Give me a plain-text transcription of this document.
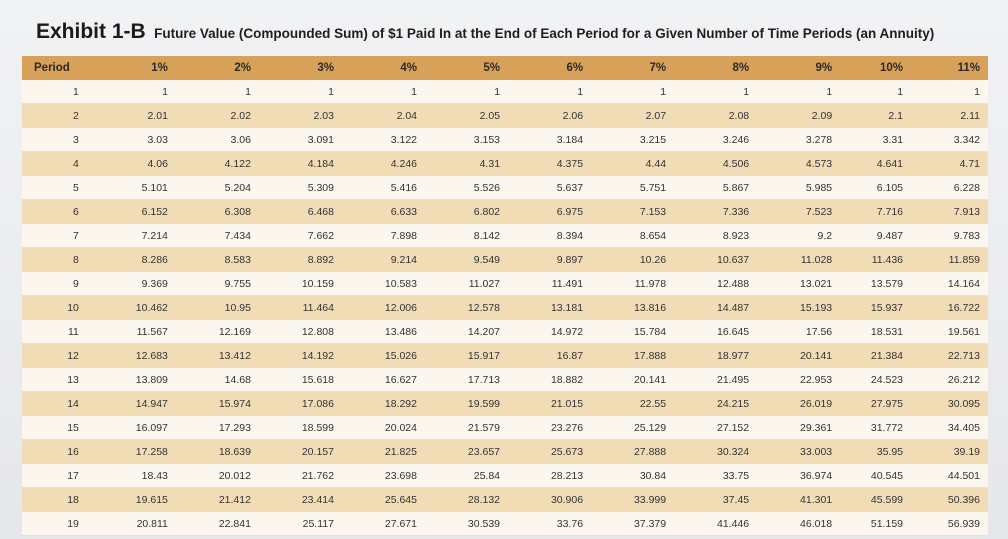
Exhibit 1-B Future Value (Compounded Sum) of $1 Paid In at the End of Each Period for a Given Number of Time Periods (an Annuity)
Period	1%	2%	3%	4%	5%	6%	7%	8%	9%	10%	11%
1	1	1	1	1	1	1	1	1	1	1	1
2	2.01	2.02	2.03	2.04	2.05	2.06	2.07	2.08	2.09	2.1	2.11
3	3.03	3.06	3.091	3.122	3.153	3.184	3.215	3.246	3.278	3.31	3.342
4	4.06	4.122	4.184	4.246	4.31	4.375	4.44	4.506	4.573	4.641	4.71
5	5.101	5.204	5.309	5.416	5.526	5.637	5.751	5.867	5.985	6.105	6.228
6	6.152	6.308	6.468	6.633	6.802	6.975	7.153	7.336	7.523	7.716	7.913
7	7.214	7.434	7.662	7.898	8.142	8.394	8.654	8.923	9.2	9.487	9.783
8	8.286	8.583	8.892	9.214	9.549	9.897	10.26	10.637	11.028	11.436	11.859
9	9.369	9.755	10.159	10.583	11.027	11.491	11.978	12.488	13.021	13.579	14.164
10	10.462	10.95	11.464	12.006	12.578	13.181	13.816	14.487	15.193	15.937	16.722
11	11.567	12.169	12.808	13.486	14.207	14.972	15.784	16.645	17.56	18.531	19.561
12	12.683	13.412	14.192	15.026	15.917	16.87	17.888	18.977	20.141	21.384	22.713
13	13.809	14.68	15.618	16.627	17.713	18.882	20.141	21.495	22.953	24.523	26.212
14	14.947	15.974	17.086	18.292	19.599	21.015	22.55	24.215	26.019	27.975	30.095
15	16.097	17.293	18.599	20.024	21.579	23.276	25.129	27.152	29.361	31.772	34.405
16	17.258	18.639	20.157	21.825	23.657	25.673	27.888	30.324	33.003	35.95	39.19
17	18.43	20.012	21.762	23.698	25.84	28.213	30.84	33.75	36.974	40.545	44.501
18	19.615	21.412	23.414	25.645	28.132	30.906	33.999	37.45	41.301	45.599	50.396
19	20.811	22.841	25.117	27.671	30.539	33.76	37.379	41.446	46.018	51.159	56.939
